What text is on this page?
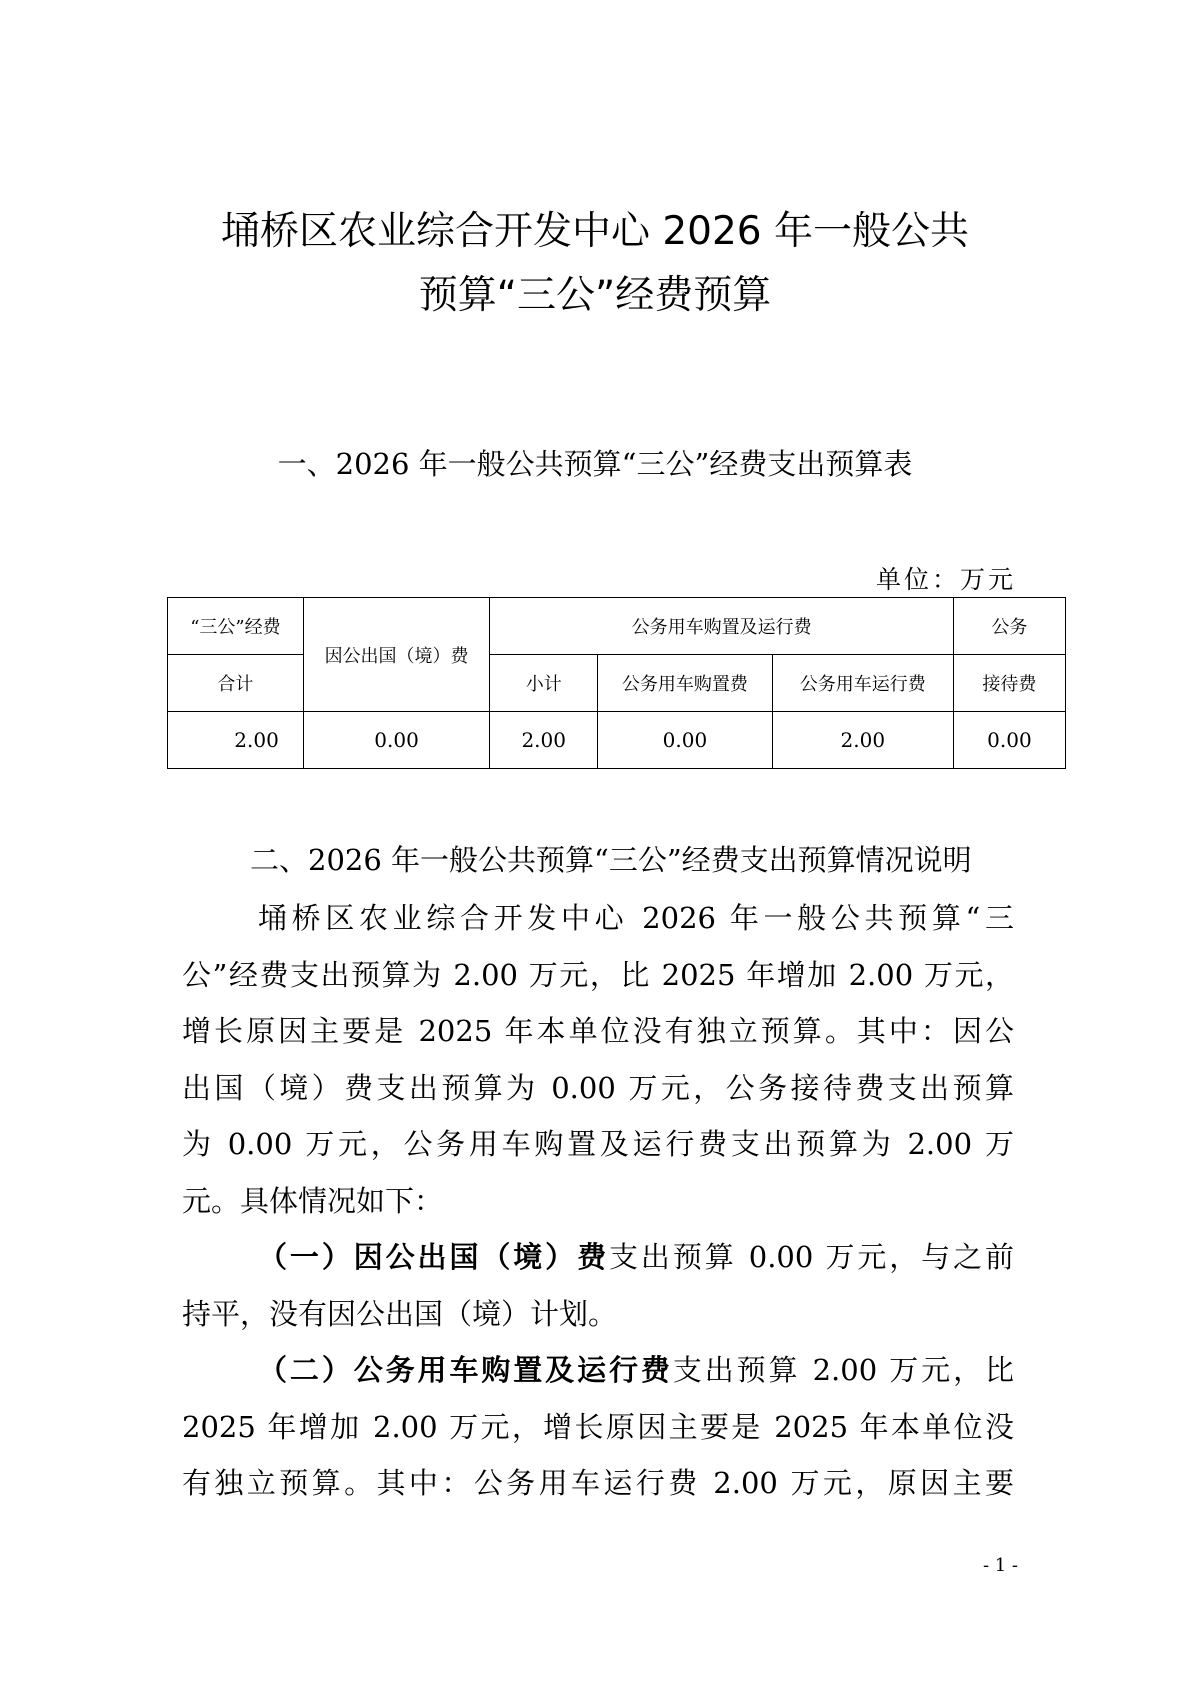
埇桥区农业综合开发中心 2026 年一般公共
预算“三公”经费预算
一、2026 年一般公共预算“三公”经费支出预算表
单位：万元
“三公”经费	因公出国（境）费	公务用车购置及运行费			公务
合计		小计	公务用车购置费	公务用车运行费	接待费
2.00	0.00	2.00	0.00	2.00	0.00
二、2026 年一般公共预算“三公”经费支出预算情况说明
埇桥区农业综合开发中心 2026 年一般公共预算“三
公”经费支出预算为 2.00 万元，比 2025 年增加 2.00 万元，
增长原因主要是 2025 年本单位没有独立预算。其中：因公
出国（境）费支出预算为 0.00 万元，公务接待费支出预算
为 0.00 万元，公务用车购置及运行费支出预算为 2.00 万
元。具体情况如下：
（一）因公出国（境）费支出预算 0.00 万元，与之前
持平，没有因公出国（境）计划。
（二）公务用车购置及运行费支出预算 2.00 万元，比
2025 年增加 2.00 万元，增长原因主要是 2025 年本单位没
有独立预算。其中：公务用车运行费 2.00 万元，原因主要
- 1 -
